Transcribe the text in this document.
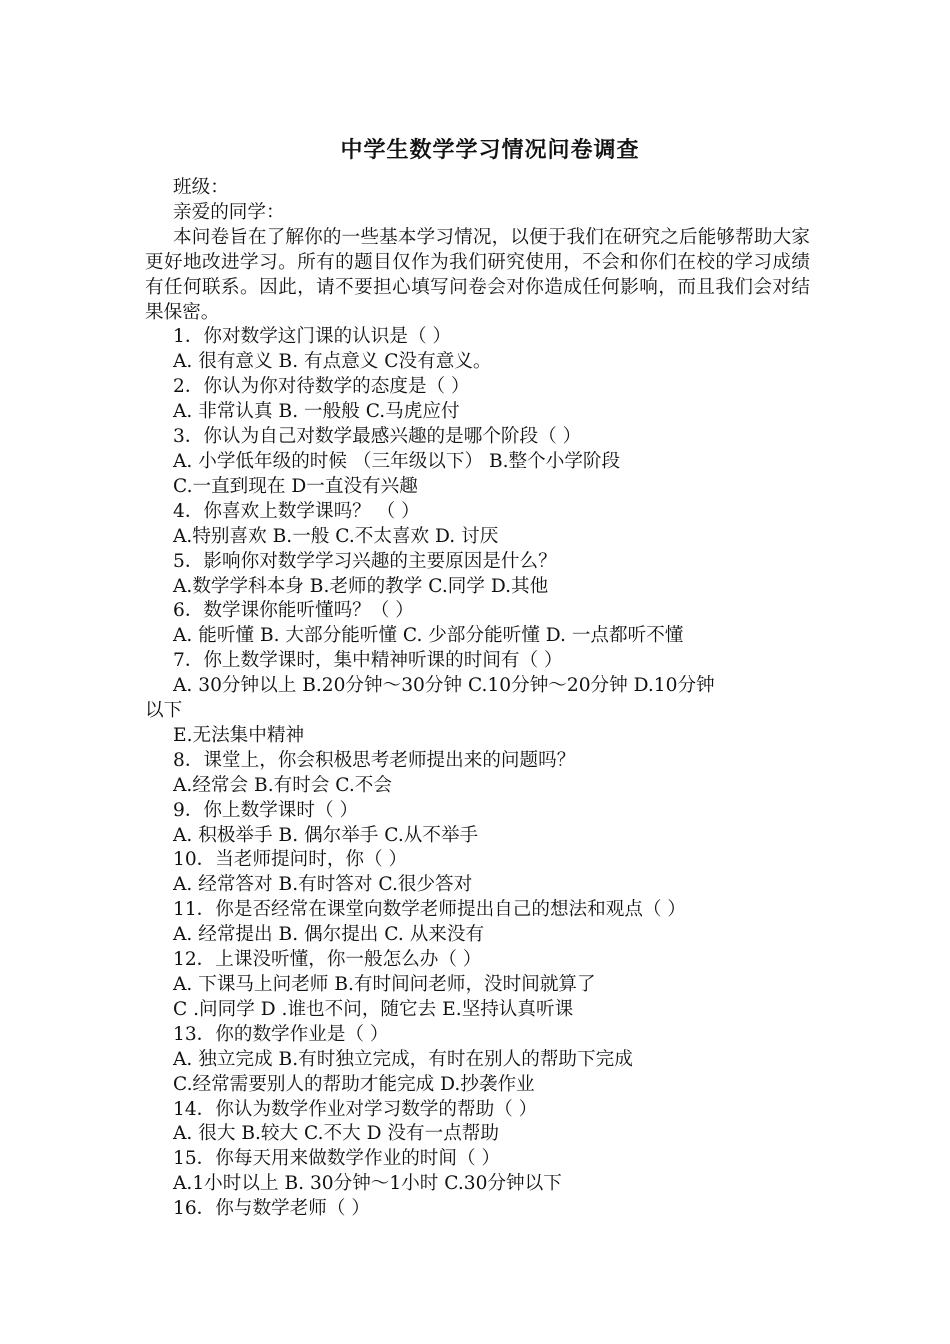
中学生数学学习情况问卷调查

班级：

亲爱的同学：

本问卷旨在了解你的一些基本学习情况，以便于我们在研究之后能够帮助大家更好地改进学习。所有的题目仅作为我们研究使用，不会和你们在校的学习成绩有任何联系。因此，请不要担心填写问卷会对你造成任何影响，而且我们会对结果保密。

1．你对数学这门课的认识是（ ）

A. 很有意义 B. 有点意义 C没有意义。

2．你认为你对待数学的态度是（ ）

A. 非常认真 B. 一般般 C.马虎应付

3．你认为自己对数学最感兴趣的是哪个阶段（ ）

A. 小学低年级的时候 （三年级以下） B.整个小学阶段

C.一直到现在 D一直没有兴趣

4．你喜欢上数学课吗？ （ ）

A.特别喜欢 B.一般 C.不太喜欢 D. 讨厌

5．影响你对数学学习兴趣的主要原因是什么？

A.数学学科本身 B.老师的教学 C.同学 D.其他

6．数学课你能听懂吗？（ ）

A. 能听懂 B. 大部分能听懂 C. 少部分能听懂 D. 一点都听不懂

7．你上数学课时，集中精神听课的时间有（ ）

A. 30分钟以上 B.20分钟～30分钟 C.10分钟～20分钟 D.10分钟

以下

E.无法集中精神

8．课堂上，你会积极思考老师提出来的问题吗？

A.经常会 B.有时会 C.不会

9．你上数学课时（ ）

A. 积极举手 B. 偶尔举手 C.从不举手

10．当老师提问时，你（ ）

A. 经常答对 B.有时答对 C.很少答对

11．你是否经常在课堂向数学老师提出自己的想法和观点（ ）

A. 经常提出 B. 偶尔提出 C. 从来没有

12．上课没听懂，你一般怎么办（ ）

A. 下课马上问老师 B.有时间问老师，没时间就算了

C .问同学 D .谁也不问，随它去 E.坚持认真听课

13．你的数学作业是（ ）

A. 独立完成 B.有时独立完成，有时在别人的帮助下完成

C.经常需要别人的帮助才能完成 D.抄袭作业

14．你认为数学作业对学习数学的帮助（ ）

A. 很大 B.较大 C.不大 D 没有一点帮助

15．你每天用来做数学作业的时间（ ）

A.1小时以上 B. 30分钟～1小时 C.30分钟以下

16．你与数学老师（ ）
